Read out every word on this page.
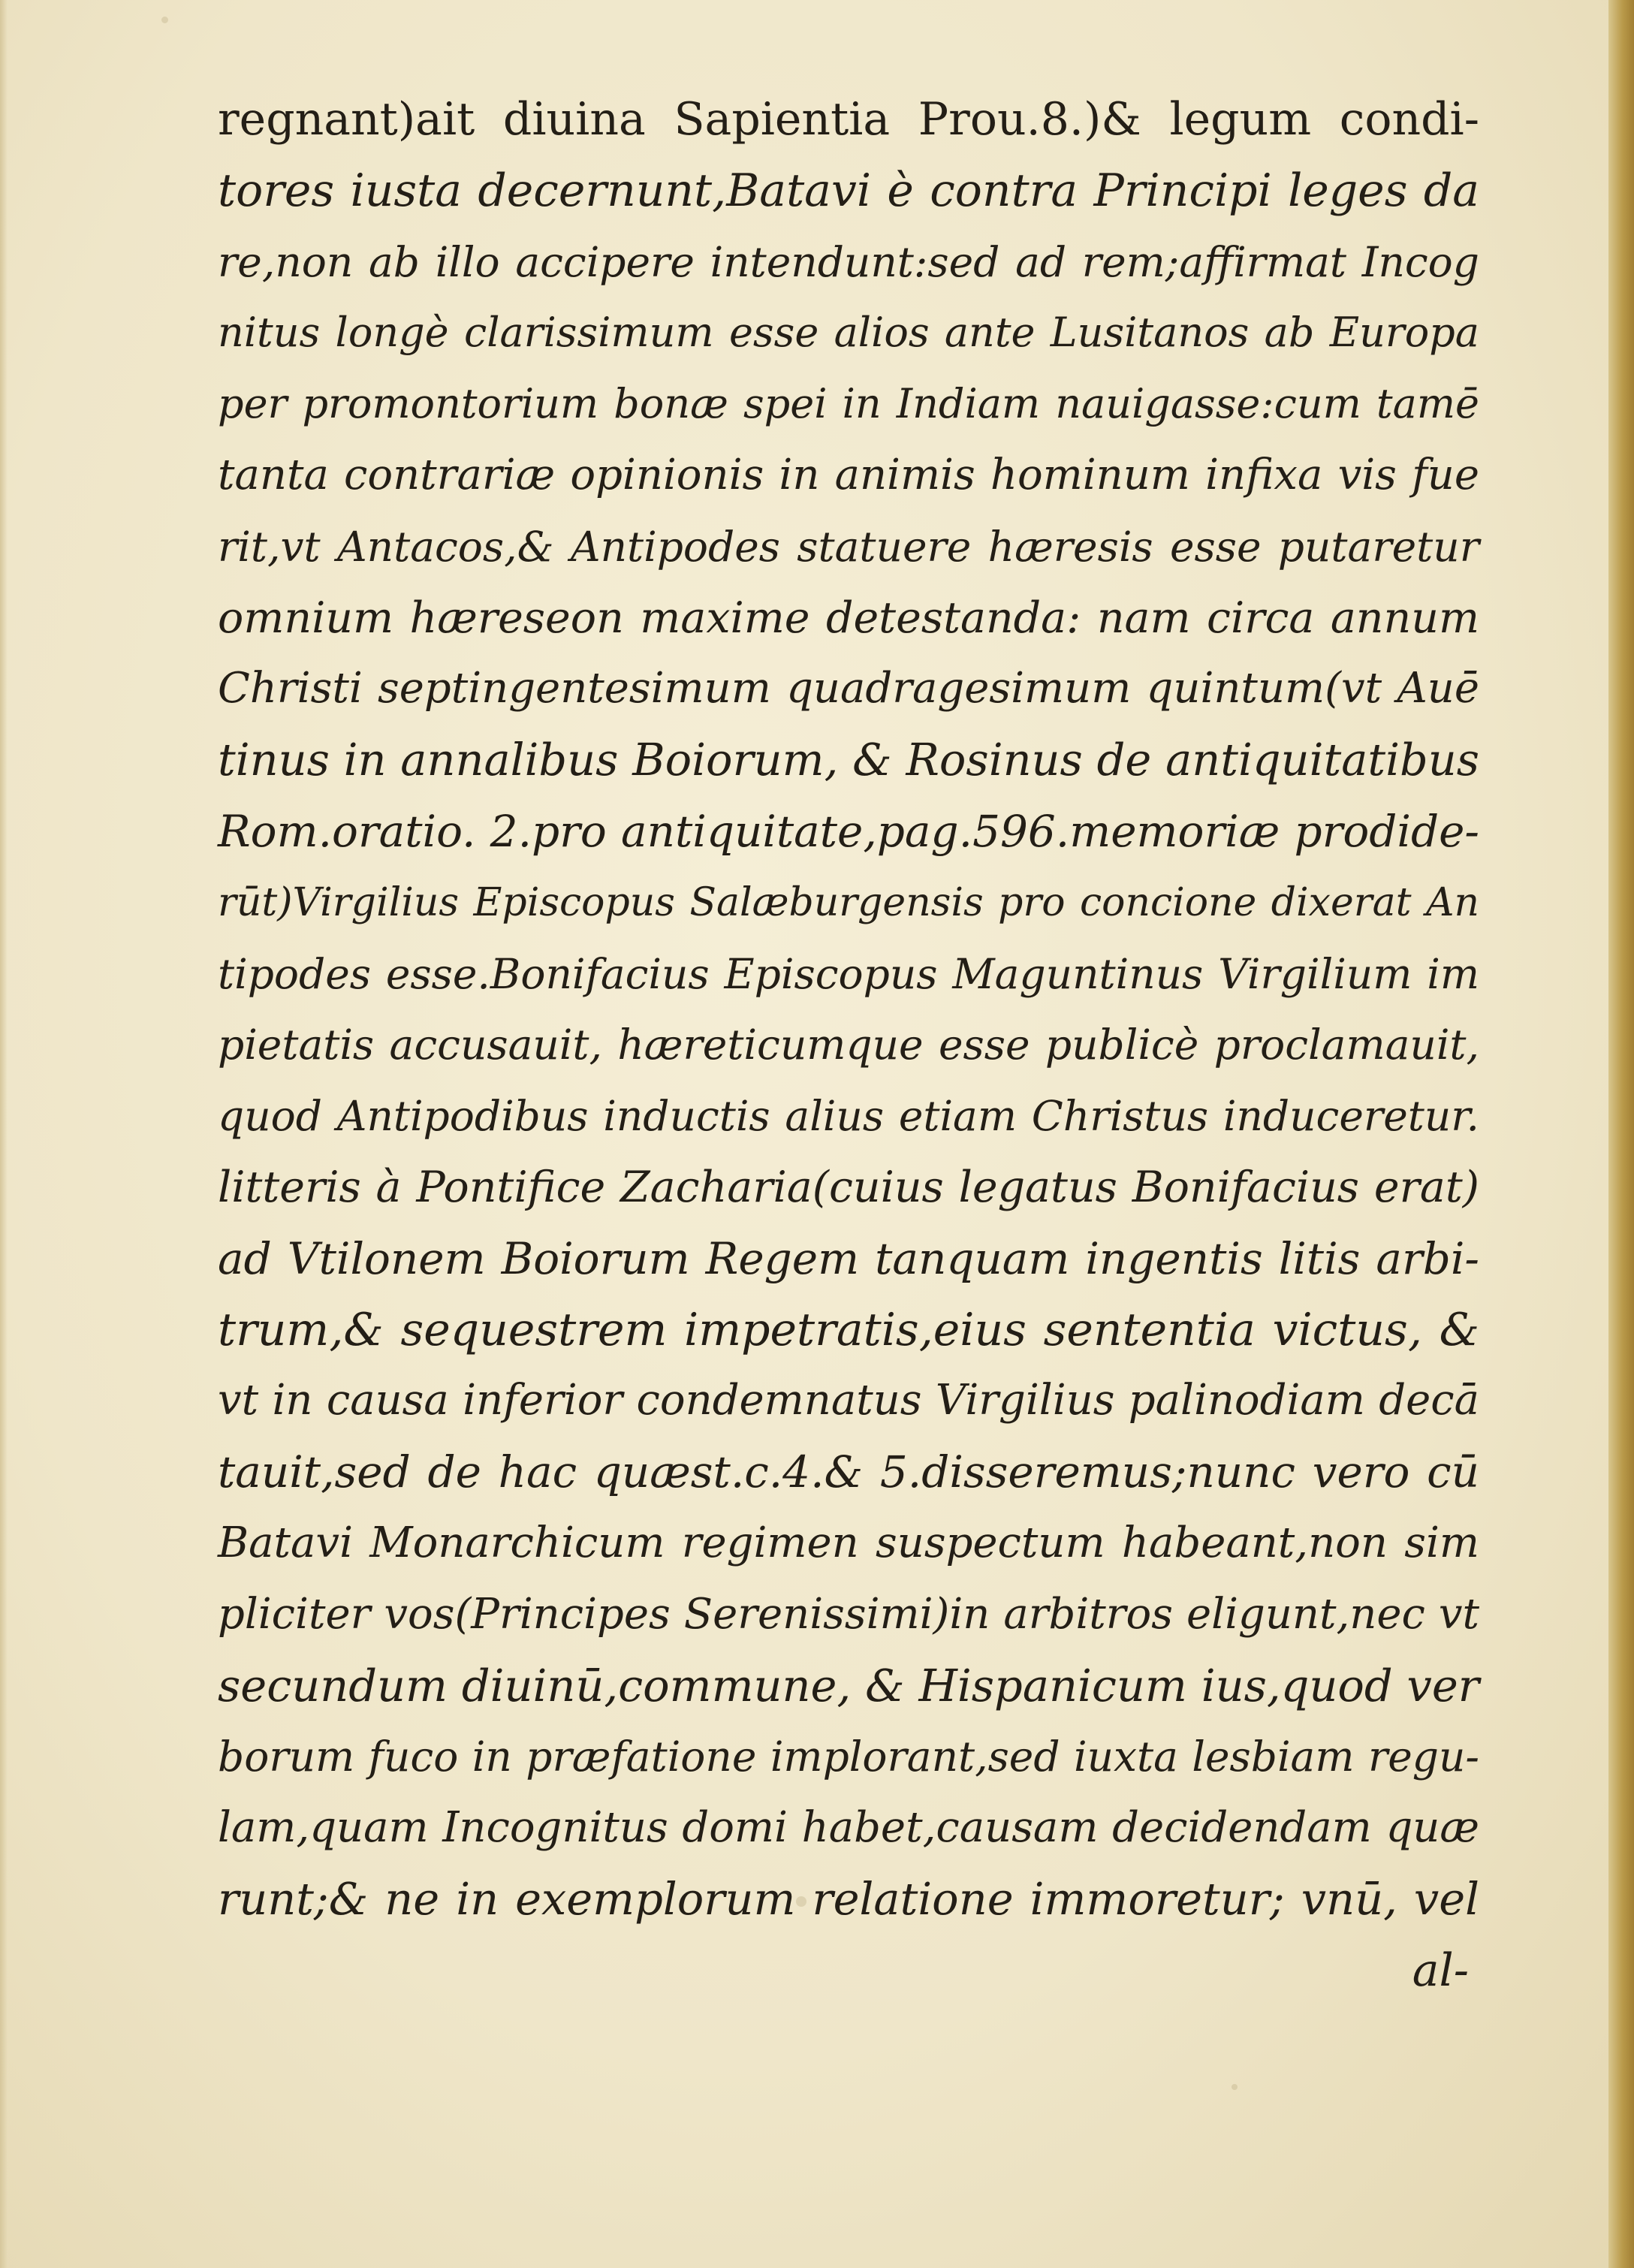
regnant)ait diuina Sapientia Prou.8.)& legum condi-
tores iusta decernunt,Batavi è contra Principi leges da
re,non ab illo accipere intendunt:sed ad rem;affirmat Incog
nitus longè clarissimum esse alios ante Lusitanos ab Europa
per promontorium bonæ spei in Indiam nauigasse:cum tamē
tanta contrariæ opinionis in animis hominum infixa vis fue
rit,vt Antacos,& Antipodes statuere hæresis esse putaretur
omnium hæreseon maxime detestanda: nam circa annum
Christi septingentesimum quadragesimum quintum(vt Auē
tinus in annalibus Boiorum, & Rosinus de antiquitatibus
Rom.oratio. 2.pro antiquitate,pag.596.memoriæ prodide-
rūt)Virgilius Episcopus Salæburgensis pro concione dixerat An
tipodes esse.Bonifacius Episcopus Maguntinus Virgilium im
pietatis accusauit, hæreticumque esse publicè proclamauit,
quod Antipodibus inductis alius etiam Christus induceretur.
litteris à Pontifice Zacharia(cuius legatus Bonifacius erat)
ad Vtilonem Boiorum Regem tanquam ingentis litis arbi-
trum,& sequestrem impetratis,eius sententia victus, &
vt in causa inferior condemnatus Virgilius palinodiam decā
tauit,sed de hac quæst.c.4.& 5.disseremus;nunc vero cū
Batavi Monarchicum regimen suspectum habeant,non sim
pliciter vos(Principes Serenissimi)in arbitros eligunt,nec vt
secundum diuinū,commune, & Hispanicum ius,quod ver
borum fuco in præfatione implorant,sed iuxta lesbiam regu-
lam,quam Incognitus domi habet,causam decidendam quæ
runt;& ne in exemplorum relatione immoretur; vnū, vel
al-
